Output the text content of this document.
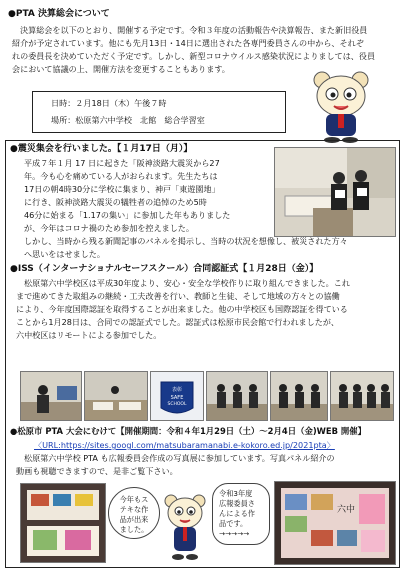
●PTA 決算総会について

決算総会を以下のとおり、開催する予定です。令和３年度の活動報告や決算報告、また新旧役員

紹介が予定されています。他にも先月13日・14日に選出された各専門委員さんの中から、それぞ

れの委員長を決めていただく予定です。しかし、新型コロナウイルス感染状況によりましては、役員

会において協議の上、開催方法を変更することもあります。

日時：２月18日（木）午後７時

場所：松原第六中学校　北館　総合学習室

●震災集会を行いました。【１月17日（月）】

平成７年１月 17 日に起きた「阪神淡路大震災から27

年。今も心を痛めている人がおられます。先生たちは

17日の朝4時30分に学校に集まり、神戸「東遊園地」

に行き、阪神淡路大震災の犠牲者の追悼のため5時

46分に始まる「1.17の集い」に参加した年もありました

が、今年はコロナ禍のため参加を控えました。

しかし、当時から残る新聞記事のパネルを掲示し、当時の状況を想像し、被災された方々

へ思いをはせました。

●ISS（インターナショナルセーフスクール）合同認証式【１月28日（金）】

松原第六中学校区は平成30年度より、安心・安全な学校作りに取り組んできました。これ

まで進めてきた取組みの継続・工夫改善を行い、教師と生徒、そして地域の方々との協働

により、今年度国際認証を取得することが出来ました。他の中学校区も国際認証を得ている

ことから1月28日は、合同での認証式でした。認証式は松原市民会館で行われましたが、

六中校区はリモートによる参加でした。

表彰
SAFE
SCHOOL

●松原市 PTA 大会にむけて【開催期間：令和４年1月29日（土）～2月4日（金)WEB 開催】

〈URL:https://sites.googl.com/matsubaramanabi.e-kokoro.ed.jp/2021pta〉

松原第六中学校 PTA も広報委員会作成の写真展に参加しています。写真パネル紹介の

動画も視聴できますので、是非ご覧下さい。

今年もス
テキな作
品が出来
ました。
令和3年度
広報委員さ
んによる作
品です。
→→→→→
六中
